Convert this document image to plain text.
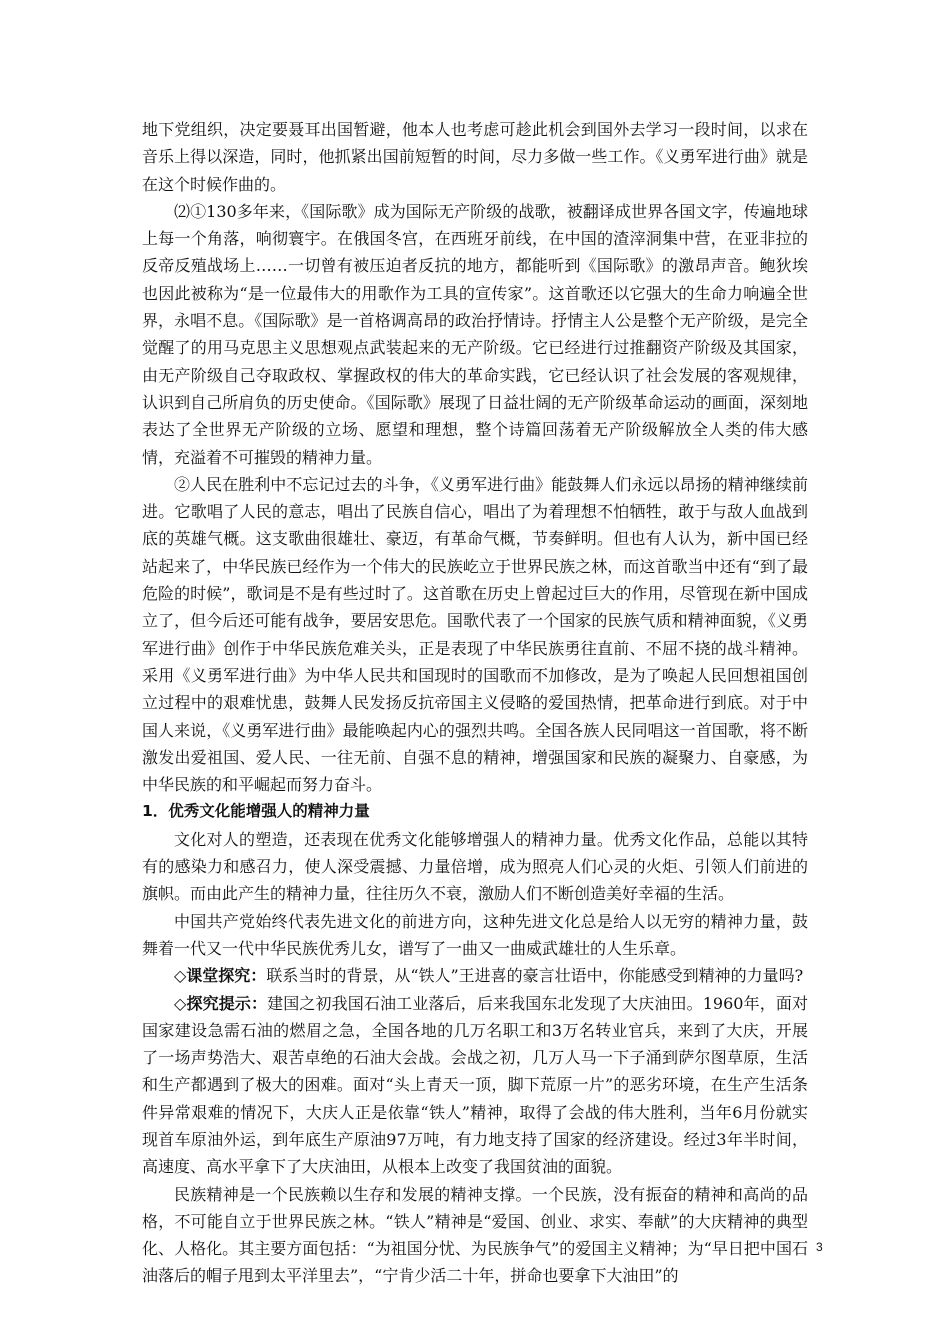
地下党组织，决定要聂耳出国暂避，他本人也考虑可趁此机会到国外去学习一段时间，以求在音乐上得以深造，同时，他抓紧出国前短暂的时间，尽力多做一些工作。《义勇军进行曲》就是在这个时候作曲的。

⑵①130多年来，《国际歌》成为国际无产阶级的战歌，被翻译成世界各国文字，传遍地球上每一个角落，响彻寰宇。在俄国冬宫，在西班牙前线，在中国的渣滓洞集中营，在亚非拉的反帝反殖战场上……一切曾有被压迫者反抗的地方，都能听到《国际歌》的激昂声音。鲍狄埃也因此被称为“是一位最伟大的用歌作为工具的宣传家”。这首歌还以它强大的生命力响遍全世界，永唱不息。《国际歌》是一首格调高昂的政治抒情诗。抒情主人公是整个无产阶级，是完全觉醒了的用马克思主义思想观点武装起来的无产阶级。它已经进行过推翻资产阶级及其国家，由无产阶级自己夺取政权、掌握政权的伟大的革命实践，它已经认识了社会发展的客观规律，认识到自己所肩负的历史使命。《国际歌》展现了日益壮阔的无产阶级革命运动的画面，深刻地表达了全世界无产阶级的立场、愿望和理想，整个诗篇回荡着无产阶级解放全人类的伟大感情，充溢着不可摧毁的精神力量。

②人民在胜利中不忘记过去的斗争，《义勇军进行曲》能鼓舞人们永远以昂扬的精神继续前进。它歌唱了人民的意志，唱出了民族自信心，唱出了为着理想不怕牺牲，敢于与敌人血战到底的英雄气概。这支歌曲很雄壮、豪迈，有革命气概，节奏鲜明。但也有人认为，新中国已经站起来了，中华民族已经作为一个伟大的民族屹立于世界民族之林，而这首歌当中还有“到了最危险的时候”，歌词是不是有些过时了。这首歌在历史上曾起过巨大的作用，尽管现在新中国成立了，但今后还可能有战争，要居安思危。国歌代表了一个国家的民族气质和精神面貌，《义勇军进行曲》创作于中华民族危难关头，正是表现了中华民族勇往直前、不屈不挠的战斗精神。采用《义勇军进行曲》为中华人民共和国现时的国歌而不加修改，是为了唤起人民回想祖国创立过程中的艰难忧患，鼓舞人民发扬反抗帝国主义侵略的爱国热情，把革命进行到底。对于中国人来说，《义勇军进行曲》最能唤起内心的强烈共鸣。全国各族人民同唱这一首国歌，将不断激发出爱祖国、爱人民、一往无前、自强不息的精神，增强国家和民族的凝聚力、自豪感，为中华民族的和平崛起而努力奋斗。

1．优秀文化能增强人的精神力量

文化对人的塑造，还表现在优秀文化能够增强人的精神力量。优秀文化作品，总能以其特有的感染力和感召力，使人深受震撼、力量倍增，成为照亮人们心灵的火炬、引领人们前进的旗帜。而由此产生的精神力量，往往历久不衰，激励人们不断创造美好幸福的生活。

中国共产党始终代表先进文化的前进方向，这种先进文化总是给人以无穷的精神力量，鼓舞着一代又一代中华民族优秀儿女，谱写了一曲又一曲威武雄壮的人生乐章。

◇课堂探究：联系当时的背景，从“铁人”王进喜的豪言壮语中，你能感受到精神的力量吗?

◇探究提示：建国之初我国石油工业落后，后来我国东北发现了大庆油田。1960年，面对国家建设急需石油的燃眉之急，全国各地的几万名职工和3万名转业官兵，来到了大庆，开展了一场声势浩大、艰苦卓绝的石油大会战。会战之初，几万人马一下子涌到萨尔图草原，生活和生产都遇到了极大的困难。面对“头上青天一顶，脚下荒原一片”的恶劣环境，在生产生活条件异常艰难的情况下，大庆人正是依靠“铁人”精神，取得了会战的伟大胜利，当年6月份就实现首车原油外运，到年底生产原油97万吨，有力地支持了国家的经济建设。经过3年半时间，高速度、高水平拿下了大庆油田，从根本上改变了我国贫油的面貌。

民族精神是一个民族赖以生存和发展的精神支撑。一个民族，没有振奋的精神和高尚的品格，不可能自立于世界民族之林。“铁人”精神是“爱国、创业、求实、奉献”的大庆精神的典型化、人格化。其主要方面包括：“为祖国分忧、为民族争气”的爱国主义精神；为“早日把中国石油落后的帽子甩到太平洋里去”，“宁肯少活二十年，拼命也要拿下大油田”的

3
